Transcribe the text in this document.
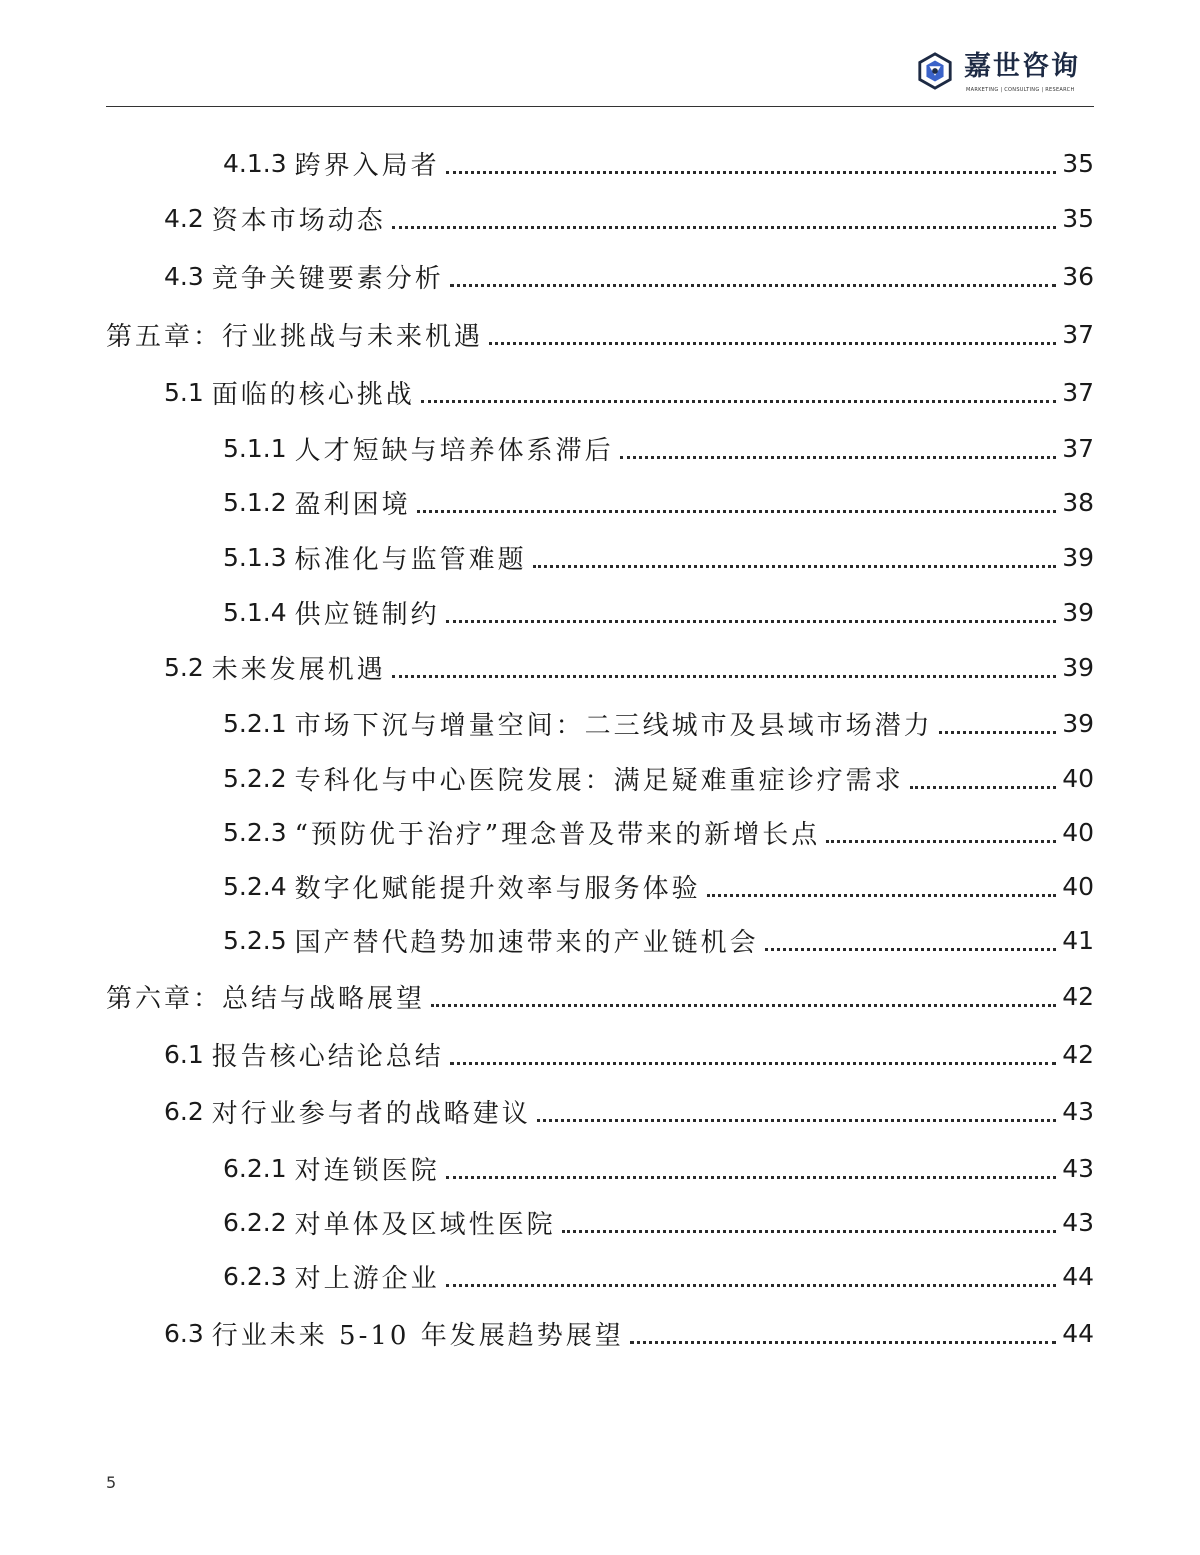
嘉世咨询
MARKETING | CONSULTING | RESEARCH
4.1.3 跨界入局者	35
4.2 资本市场动态	35
4.3 竞争关键要素分析	36
第五章：行业挑战与未来机遇	37
5.1 面临的核心挑战	37
5.1.1 人才短缺与培养体系滞后	37
5.1.2 盈利困境	38
5.1.3 标准化与监管难题	39
5.1.4 供应链制约	39
5.2 未来发展机遇	39
5.2.1 市场下沉与增量空间：二三线城市及县域市场潜力	39
5.2.2 专科化与中心医院发展：满足疑难重症诊疗需求	40
5.2.3 “预防优于治疗”理念普及带来的新增长点	40
5.2.4 数字化赋能提升效率与服务体验	40
5.2.5 国产替代趋势加速带来的产业链机会	41
第六章：总结与战略展望	42
6.1 报告核心结论总结	42
6.2 对行业参与者的战略建议	43
6.2.1 对连锁医院	43
6.2.2 对单体及区域性医院	43
6.2.3 对上游企业	44
6.3 行业未来 5-10 年发展趋势展望	44
5
